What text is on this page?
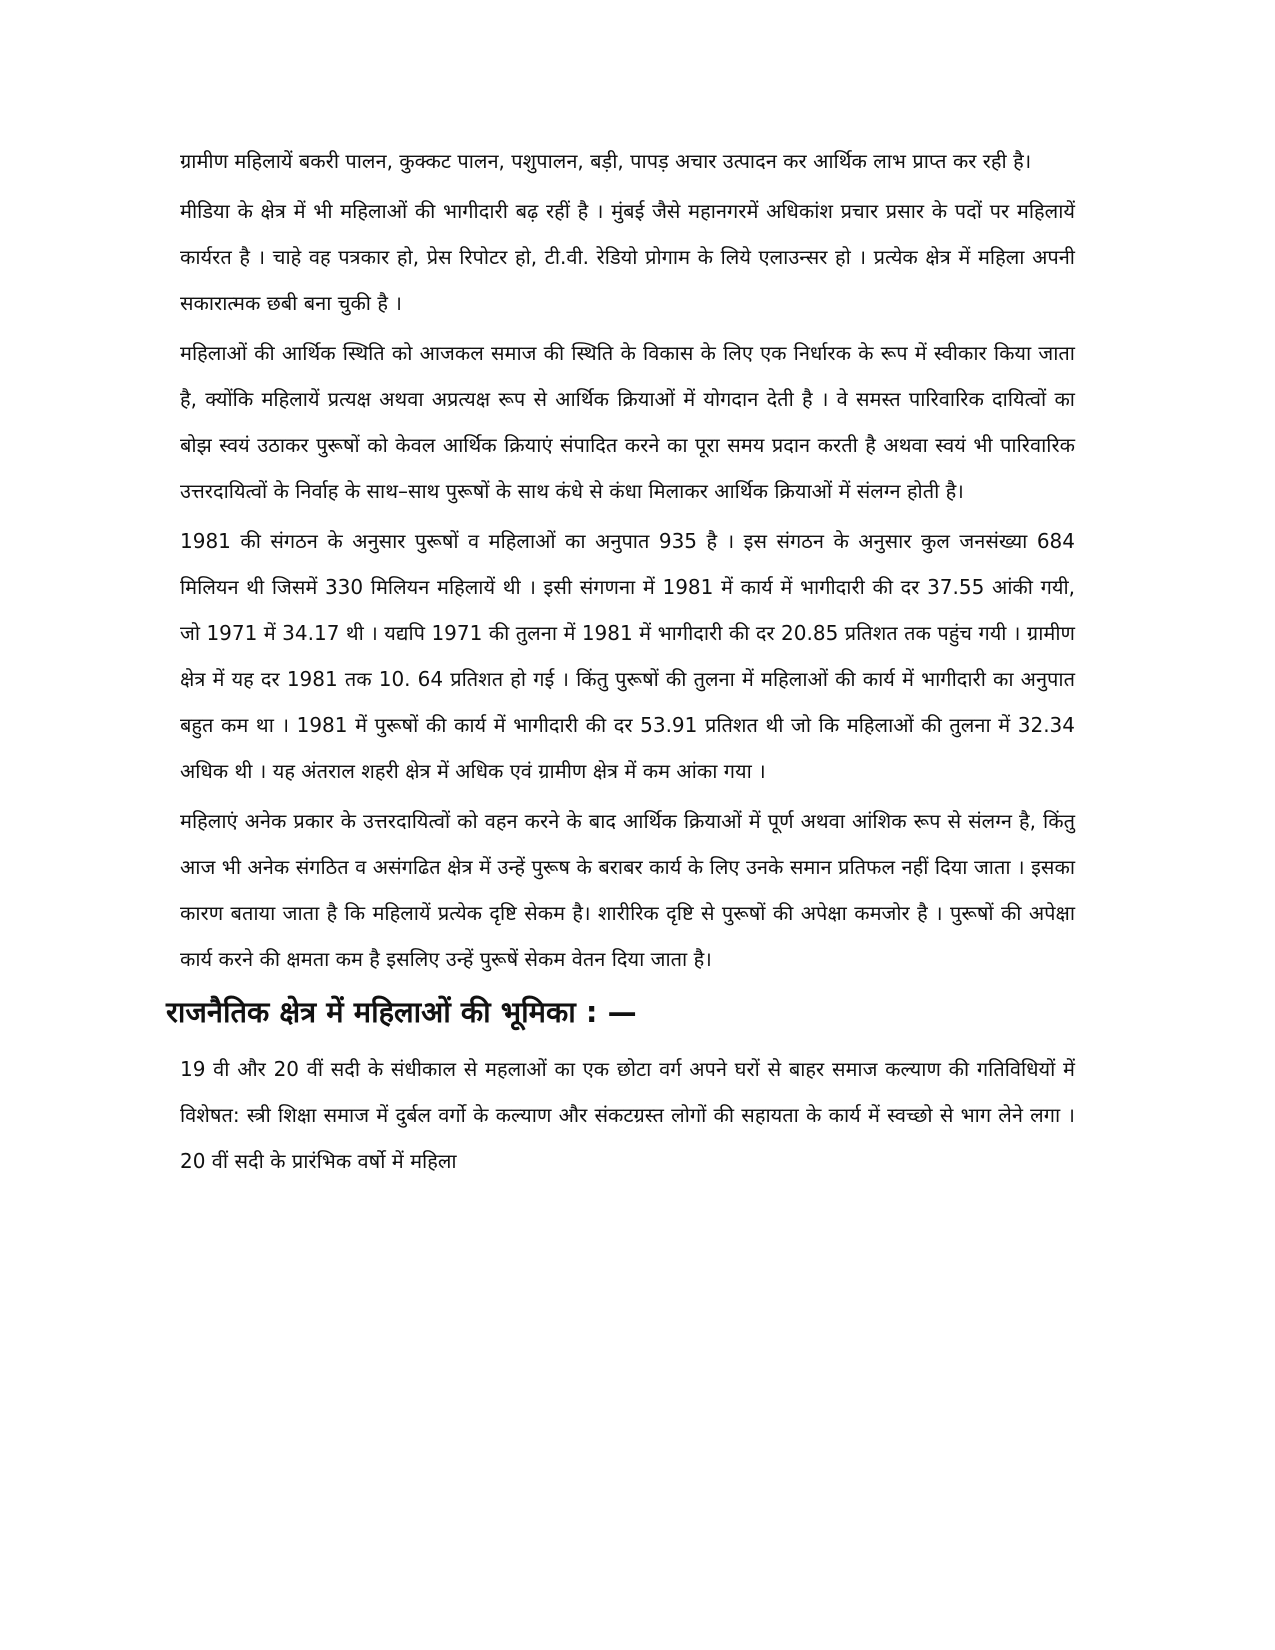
ग्रामीण महिलायें बकरी पालन, कुक्कट पालन, पशुपालन, बड़ी, पापड़ अचार उत्पादन कर आर्थिक लाभ प्राप्त कर रही है।

मीडिया के क्षेत्र में भी महिलाओं की भागीदारी बढ़ रहीं है । मुंबई जैसे महानगरमें अधिकांश प्रचार प्रसार के पदों पर महिलायें कार्यरत है । चाहे वह पत्रकार हो, प्रेस रिपोटर हो, टी.वी. रेडियो प्रोगाम के लिये एलाउन्सर हो । प्रत्येक क्षेत्र में महिला अपनी सकारात्मक छबी बना चुकी है ।

महिलाओं की आर्थिक स्थिति को आजकल समाज की स्थिति के विकास के लिए एक निर्धारक के रूप में स्वीकार किया जाता है, क्योंकि महिलायें प्रत्यक्ष अथवा अप्रत्यक्ष रूप से आर्थिक क्रियाओं में योगदान देती है । वे समस्त पारिवारिक दायित्वों का बोझ स्वयं उठाकर पुरूषों को केवल आर्थिक क्रियाएं संपादित करने का पूरा समय प्रदान करती है अथवा स्वयं भी पारिवारिक उत्तरदायित्वों के निर्वाह के साथ–साथ पुरूषों के साथ कंधे से कंधा मिलाकर आर्थिक क्रियाओं में संलग्न होती है।

1981 की संगठन के अनुसार पुरूषों व महिलाओं का अनुपात 935 है । इस संगठन के अनुसार कुल जनसंख्या 684 मिलियन थी जिसमें 330 मिलियन महिलायें थी । इसी संगणना में 1981 में कार्य में भागीदारी की दर 37.55 आंकी गयी, जो 1971 में 34.17 थी । यद्यपि 1971 की तुलना में 1981 में भागीदारी की दर 20.85 प्रतिशत तक पहुंच गयी । ग्रामीण क्षेत्र में यह दर 1981 तक 10. 64 प्रतिशत हो गई । किंतु पुरूषों की तुलना में महिलाओं की कार्य में भागीदारी का अनुपात बहुत कम था । 1981 में पुरूषों की कार्य में भागीदारी की दर 53.91 प्रतिशत थी जो कि महिलाओं की तुलना में 32.34 अधिक थी । यह अंतराल शहरी क्षेत्र में अधिक एवं ग्रामीण क्षेत्र में कम आंका गया ।

महिलाएं अनेक प्रकार के उत्तरदायित्वों को वहन करने के बाद आर्थिक क्रियाओं में पूर्ण अथवा आंशिक रूप से संलग्न है, किंतु आज भी अनेक संगठित व असंगढित क्षेत्र में उन्हें पुरूष के बराबर कार्य के लिए उनके समान प्रतिफल नहीं दिया जाता । इसका कारण बताया जाता है कि महिलायें प्रत्येक दृष्टि सेकम है। शारीरिक दृष्टि से पुरूषों की अपेक्षा कमजोर है । पुरूषों की अपेक्षा कार्य करने की क्षमता कम है इसलिए उन्हें पुरूषें सेकम वेतन दिया जाता है।

राजनैतिक क्षेत्र में महिलाओं की भूमिका : —

19 वी और 20 वीं सदी के संधीकाल से महलाओं का एक छोटा वर्ग अपने घरों से बाहर समाज कल्याण की गतिविधियों में विशेषत: स्त्री शिक्षा समाज में दुर्बल वर्गो के कल्याण और संकटग्रस्त लोगों की सहायता के कार्य में स्वच्छो से भाग लेने लगा । 20 वीं सदी के प्रारंभिक वर्षो में महिला
